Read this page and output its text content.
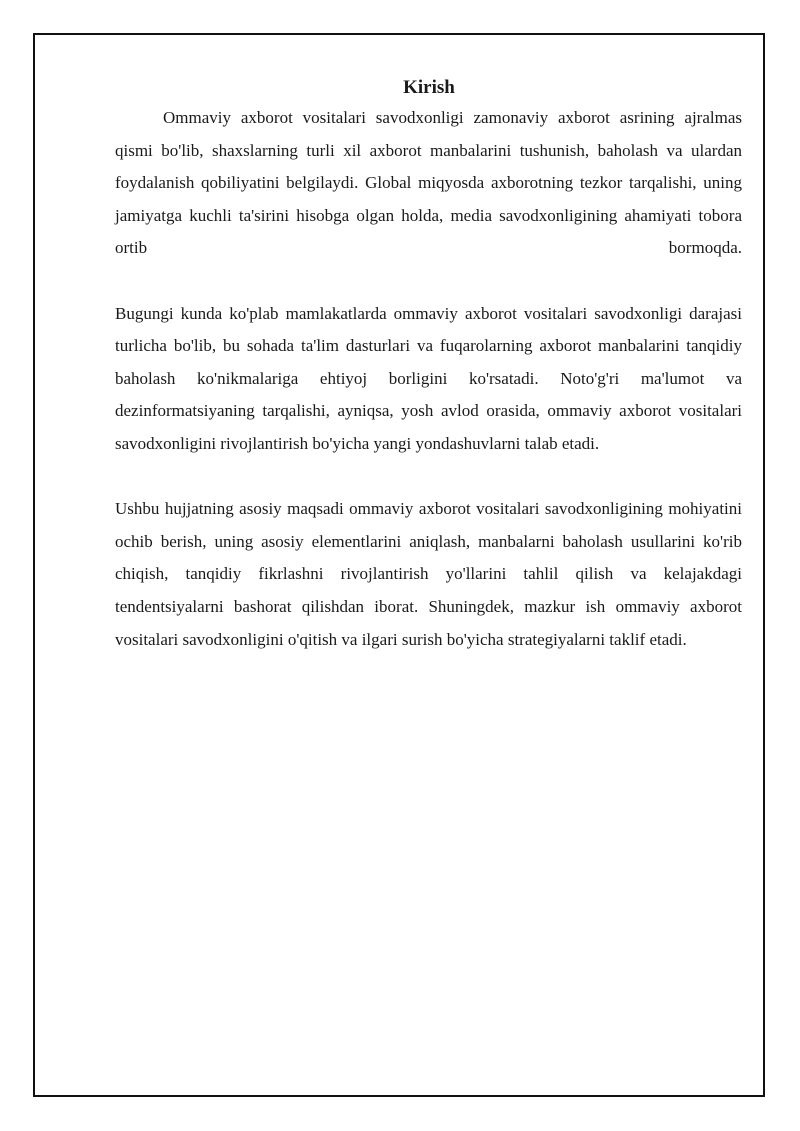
Kirish

Ommaviy axborot vositalari savodxonligi zamonaviy axborot asrining ajralmas qismi bo'lib, shaxslarning turli xil axborot manbalarini tushunish, baholash va ulardan foydalanish qobiliyatini belgilaydi. Global miqyosda axborotning tezkor tarqalishi, uning jamiyatga kuchli ta'sirini hisobga olgan holda, media savodxonligining ahamiyati tobora ortib bormoqda.

Bugungi kunda ko'plab mamlakatlarda ommaviy axborot vositalari savodxonligi darajasi turlicha bo'lib, bu sohada ta'lim dasturlari va fuqarolarning axborot manbalarini tanqidiy baholash ko'nikmalariga ehtiyoj borligini ko'rsatadi. Noto'g'ri ma'lumot va dezinformatsiyaning tarqalishi, ayniqsa, yosh avlod orasida, ommaviy axborot vositalari savodxonligini rivojlantirish bo'yicha yangi yondashuvlarni talab etadi.

Ushbu hujjatning asosiy maqsadi ommaviy axborot vositalari savodxonligining mohiyatini ochib berish, uning asosiy elementlarini aniqlash, manbalarni baholash usullarini ko'rib chiqish, tanqidiy fikrlashni rivojlantirish yo'llarini tahlil qilish va kelajakdagi tendentsiyalarni bashorat qilishdan iborat. Shuningdek, mazkur ish ommaviy axborot vositalari savodxonligini o'qitish va ilgari surish bo'yicha strategiyalarni taklif etadi.
